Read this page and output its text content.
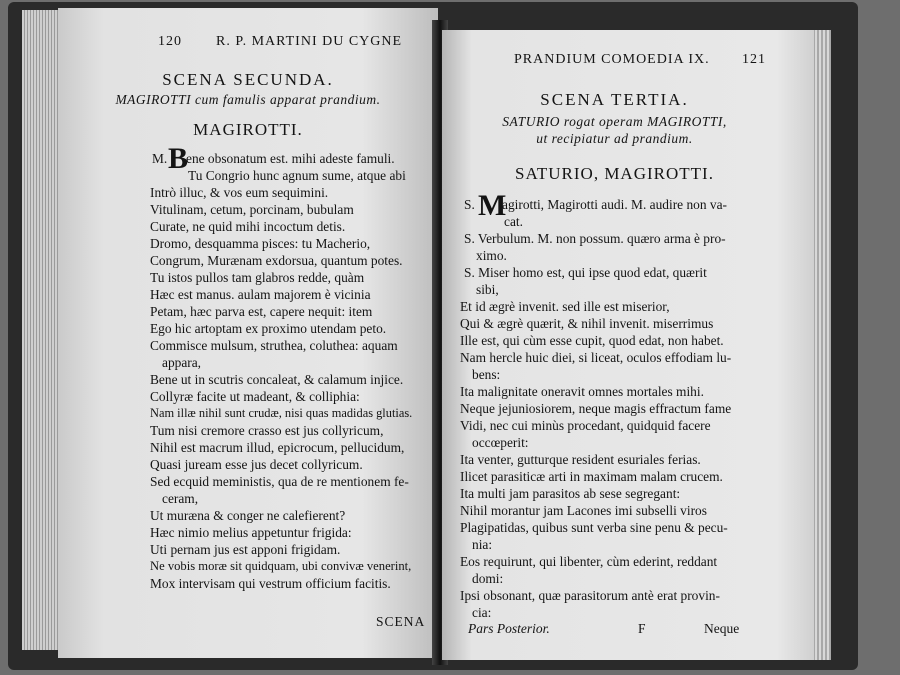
120 R. P. MARTINI DU CYGNE
SCENA SECUNDA.
MAGIROTTI cum famulis apparat prandium.
MAGIROTTI.
M. B
ene obsonatum est. mihi adeste famuli.
Tu Congrio hunc agnum sume, atque abi
Intrò illuc, & vos eum sequimini.
Vitulinam, cetum, porcinam, bubulam
Curate, ne quid mihi incoctum detis.
Dromo, desquamma pisces: tu Macherio,
Congrum, Murænam exdorsua, quantum potes.
Tu istos pullos tam glabros redde, quàm
Hæc est manus. aulam majorem è vicinia
Petam, hæc parva est, capere nequit: item
Ego hic artoptam ex proximo utendam peto.
Commisce mulsum, struthea, coluthea: aquam
appara,
Bene ut in scutris concaleat, & calamum injice.
Collyræ facite ut madeant, & colliphia:
Nam illæ nihil sunt crudæ, nisi quas madidas glutias.
Tum nisi cremore crasso est jus collyricum,
Nihil est macrum illud, epicrocum, pellucidum,
Quasi juream esse jus decet collyricum.
Sed ecquid meministis, qua de re mentionem fe-
ceram,
Ut muræna & conger ne calefierent?
Hæc nimio melius appetuntur frigida:
Uti pernam jus est apponi frigidam.
Ne vobis moræ sit quidquam, ubi convivæ venerint,
Mox intervisam qui vestrum officium facitis.
SCENA
PRANDIUM COMOEDIA IX. 121
SCENA TERTIA.
SATURIO rogat operam MAGIROTTI,
ut recipiatur ad prandium.
SATURIO, MAGIROTTI.
S. M
agirotti, Magirotti audi. M. audire non va-
cat.
S. Verbulum. M. non possum. quæro arma è pro-
ximo.
S. Miser homo est, qui ipse quod edat, quærit
sibi,
Et id ægrè invenit. sed ille est miserior,
Qui & ægrè quærit, & nihil invenit. miserrimus
Ille est, qui cùm esse cupit, quod edat, non habet.
Nam hercle huic diei, si liceat, oculos effodiam lu-
bens:
Ita malignitate oneravit omnes mortales mihi.
Neque jejuniosiorem, neque magis effractum fame
Vidi, nec cui minùs procedant, quidquid facere
occœperit:
Ita venter, gutturque resident esuriales ferias.
Ilicet parasiticæ arti in maximam malam crucem.
Ita multi jam parasitos ab sese segregant:
Nihil morantur jam Lacones imi subselli viros
Plagipatidas, quibus sunt verba sine penu & pecu-
nia:
Eos requirunt, qui libenter, cùm ederint, reddant
domi:
Ipsi obsonant, quæ parasitorum antè erat provin-
cia:
Pars Posterior.	F	Neque
